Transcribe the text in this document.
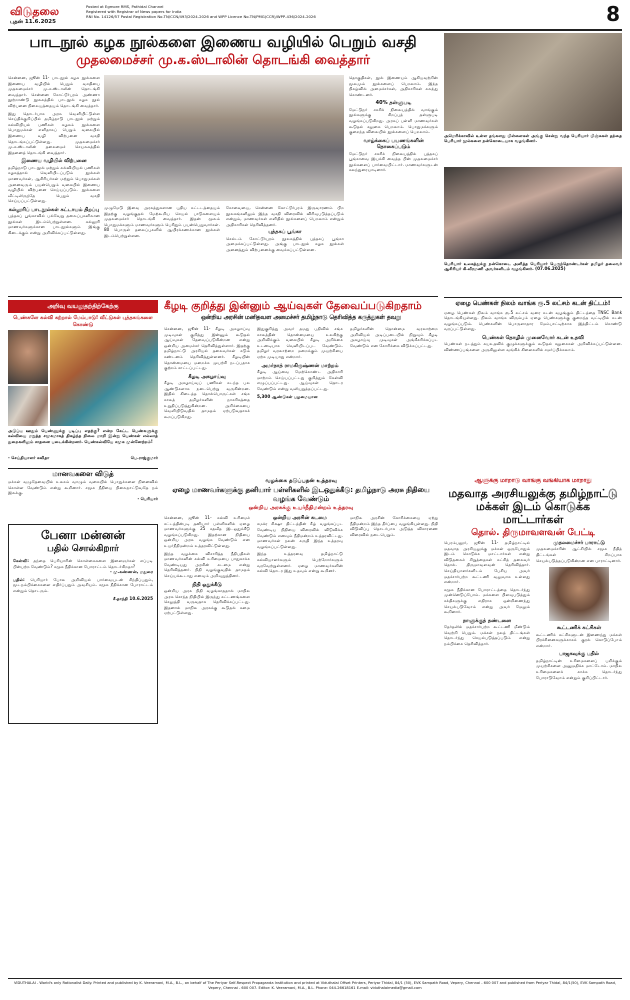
விடுதலை
புதன் 11.6.2025
Posted at Egmore RMS, Pathidal Channel
Registered with Registrar of News papers for India
RNI No. 14126/57 Postal Registration No.TN/CCN/493/2024-2026 and WPP Licence No.TN/PMG(CCR)/WPP-436/2024-2026	8
பாடநூல் கழக நூல்களை இணைய வழியில் பெறும் வசதி
முதலமைச்சர் மு.க.ஸ்டாலின் தொடங்கி வைத்தார்

சென்னை, ஜூன் 11- பாடநூல் கழக நூல்களை இணைய வழியில் பெறும் வசதியை முதலமைச்சர் மு.க.ஸ்டாலின் தொடங்கி வைத்தார். சென்னை கோட்டூர்புரம் அண்ணா நூற்றாண்டு நூலகத்தில் பாடநூல் கழக நூல் விற்பனை நிலையத்தையும் தொடங்கி வைத்தார்.

இது தொடர்பாக அரசு வெளியிட்டுள்ள செய்திக்குறிப்பில் தமிழ்நாடு பாடநூல் மற்றும் கல்வியியல் பணிகள் கழகம் நூல்களை பொதுமக்கள் எளிதாகப் பெறும் வகையில் இணைய வழி விற்பனை வசதி தொடங்கப்பட்டுள்ளது. முதலமைச்சர் மு.க.ஸ்டாலின் தலைமைச் செயலகத்தில் இதனைத் தொடங்கி வைத்தார்.

இணைய வழியில் விற்பனை

தமிழ்நாடு பாடநூல் மற்றும் கல்வியியல் பணிகள் கழகத்தால் வெளியிடப்படும் நூல்கள் மாணவர்கள், ஆசிரியர்கள் மற்றும் பொதுமக்கள் அனைவரும் பயன்பெறும் வகையில் இணைய வழியில் விற்பனை செய்யப்படும். நூல்களை வீட்டிலிருந்தே பெறும் வசதி செய்யப்பட்டுள்ளது.

கல்லூரிப் பாடநூல்கள் கட்டாயம் திறப்பு

புத்தகப் பூங்காவில் பல்வேறு தலைப்புகளிலான நூல்கள் இடம்பெற்றுள்ளன. கல்லூரி மாணவர்களுக்கான பாடநூல்களும் இங்கு கிடைக்கும் என்று அறிவிக்கப்பட்டுள்ளது.

முழுமேடு இவை அரசுத்துகளான புதிய கட்டடத்தையும் இதற்கு வழங்குதல் மேற்கூறிய செயல் பாடுகளையும் முதலமைச்சர் தொடங்கி வைத்தார். இதன் மூலம் பொதுமக்களும் மாணவர்களும் பெரிதும் பயன்பெறுவார்கள். 80 பொருள் தலைப்புகளில் ஆயிரக்கணக்கான நூல்கள் இடம்பெற்றுள்ளன.

கோவையை, சென்னை கோட்டூர்புரம் இருவாரணம் பிற நூலகங்களிலும் இந்த வசதி விரைவில் விரிவுபடுத்தப்படும் என்றும், மாணவர்கள் எளிதில் நூல்களைப் பெறலாம் என்றும் அதிகாரிகள் தெரிவித்தனர்.

புத்தகப் பூங்கா

செல்டம் கோட்டூர்புரம் நூலகத்தில் புத்தகப் பூங்கா அமைக்கப்பட்டுள்ளது. அங்கு பாடநூல் கழக நூல்கள் அனைத்தும் விற்பனைக்கு வைக்கப்பட்டுள்ளன.

தொகுதிகள், நூல் இணையம் ஆகியவற்றின் மூலமும் நூல்களைப் பெறலாம். இந்த நிகழ்வில் அமைச்சர்கள், அதிகாரிகள் கலந்து கொண்டனர்.

40% தள்ளுபடி

மேட்டுநர் சகரிக் நிலையத்தில் வாங்கும் நூல்களுக்கு சிறப்புத் தள்ளுபடி வழங்கப்படுகிறது. அரசுப் பள்ளி மாணவர்கள் கூடுதல் சலுகை பெறலாம். பொதுமக்களும் குறைந்த விலையில் நூல்களைப் பெறலாம்.

வாழ்க்கைப் பயணங்களின் தொகைப்படும்

மேட்டுநர் சகரிக் நிலையத்தில் புத்தகப் பூங்காவை இயக்கி வைத்த பின் முதலமைச்சர் நூல்களைப் பார்வையிட்டார். மாணவர்களுடன் கலந்துரையாடினார்.

அமெரிக்காவில் உள்ள தங்களது பிள்ளைகள் அங்கு சென்று வந்த பெரியார் பிஞ்சுகள் தந்தை பெரியார் நூல்களை நன்கொடையாக வழங்கினர்.

பெரியார் உலகத்துக்கு நன்கொடை அளித்த பெரியார் பெருந்தொண்டர்கள் தமிழர் தலைவர் ஆசிரியர் கி.வீரமணி அவர்களிடம் வழங்கினர். (07.06.2025)

அறிவு வயலுதற்திற்கேற்கு
பெண்களே கல்வி கற்றால் மேம்பாடு! வீட்டுகள் புத்தகங்களை கொண்டு

அடுப்பு ஊதும் பெண்ணுக்கு படிப்பு எதற்கு? என்ற கேட்ட பெண்களுக்கு கல்வியை மறுத்த சமூகமாகத் திகழ்ந்த நிலை மாறி இன்று பெண்கள் எல்லாத் துறைகளிலும் சாதனை படைக்கின்றனர். பெண்கல்வியே சமூக முன்னேற்றம்!

- செய்தியாளர் கவிதா	பெ.ராஜ்குமார்
மானவகளை விடுத்

மக்கள் வழுதேவையில் உலகம் வாழும் வகையில் பொதுக்களை நினைவில் கொள்ள வேண்டும் என்று கூறினார். சமூக நீதியை நிலைநாட்டுவதே நம் இலக்கு.

- பெரியார்
பேனா மன்னன்
பதில் சொல்கிறார்

கேள்வி: தந்தை பெரியாரின் கொள்கைகளை இளைஞர்கள் எப்படி பின்பற்ற வேண்டும்? சமூக நீதிக்கான போராட்டம் தொடர்கிறதா?

- மு.கண்ணன், மதுரை

பதில்: பெரியார் போல அறிவியல் பார்வையுடன் சிந்திப்பதும், மூடநம்பிக்கைகளை எதிர்ப்பதும் அவசியம். சமூக நீதிக்கான போராட்டம் என்றும் தொடரும்.

சீ.தாந்தி 10.6.2025

கீழடி குறித்து இன்னும் ஆய்வுகள் தேவைப்படுகிறதாம்
ஒன்றிய அரசின் மனிதவள அமைச்சர் தமிழ்நாடு தெரிவித்த கருத்துகள் தவறு

சென்னை, ஜூன் 11- கீழடி அகழாய்வு முடிவுகள் குறித்து இன்னும் கூடுதல் ஆய்வுகள் தேவைப்படுகின்றன என்று ஒன்றிய அமைச்சர் தெரிவித்துள்ளார். இதற்கு தமிழ்நாட்டு அரசியல் தலைவர்கள் கடும் கண்டனம் தெரிவித்துள்ளனர். கீழடியின் தொன்மையை மறைக்க முயற்சி நடப்பதாக குற்றம் சாட்டப்பட்டது.

கீழடி அகழாய்வு

கீழடி அகழாய்வுப் பணிகள் கடந்த பல ஆண்டுகளாக நடைபெற்று வருகின்றன. இதில் கிடைத்த தொல்பொருட்கள் சங்க காலத் தமிழர்களின் நாகரிகத்தை உறுதிப்படுத்துகின்றன. அறிக்கையை வெளியிடுவதில் தாமதம் ஏற்படுவதாகக் கூறப்படுகிறது.

இதுகுறித்து அவர் தமது பதிவில் சங்க காலத்தின் தொன்மையை உலகிற்கு அறிவிக்கும் வகையில் கீழடி அறிக்கை உடனடியாக வெளியிடப்பட வேண்டும். தமிழர் வரலாற்றை மறைக்கும் முயற்சியை ஏற்க முடியாது என்றார்.

அமர்நாத் ராமகிருஷ்ணன் மாற்றம்

கீழடி ஆய்வை மேற்கொண்ட அதிகாரி மாற்றம் செய்யப்பட்டது குறித்தும் கேள்வி எழுப்பப்பட்டது. ஆய்வுகள் தொடர வேண்டும் என்று வலியுறுத்தப்பட்டது.

5,300 ஆண்டுகள் பழமையான

தமிழர்களின் தொன்மை வரலாற்றை அறிவியல் அடிப்படையில் நிறுவும் கீழடி அகழாய்வு முடிவுகள் அங்கீகரிக்கப்பட வேண்டும் என கோரிக்கை விடுக்கப்பட்டது.

வழக்கை தடுப்பதன் உத்தரவு
ஏழை மாணவர்களுக்கு தனியார் பள்ளிகளில் இடஒதுக்கீடு: தமிழ்நாடு அரசு நிதியை வழங்க வேண்டும்
ஒன்றிய அரசுக்கு உயர்நீதிமன்றம் உத்தரவு

சென்னை, ஜூன் 11- கல்வி உரிமைச் சட்டத்தின்படி தனியார் பள்ளிகளில் ஏழை மாணவர்களுக்கு 25 சதவீத இடஒதுக்கீடு வழங்கப்படுகிறது. இதற்கான நிதியை ஒன்றிய அரசு வழங்க வேண்டும் என உயர்நீதிமன்றம் உத்தரவிட்டுள்ளது.

இந்த வழக்கை விசாரித்த நீதிபதிகள் மாணவர்களின் கல்வி உரிமையை பாதுகாக்க வேண்டியது அரசின் கடமை என்று தெரிவித்தனர். நிதி வழங்குவதில் தாமதம் செய்யக்கூடாது எனவும் அறிவுறுத்தினர்.

நிதி ஒதுக்கீடு

ஒன்றிய அரசு நிதி வழங்காததால் மாநில அரசு சொந்த நிதியில் இருந்து கட்டணங்களை செலுத்தி வருவதாக தெரிவிக்கப்பட்டது. இதனால் மாநில அரசுக்கு கூடுதல் சுமை ஏற்பட்டுள்ளது.

ஒன்றிய அரசின் கடமை

சமக்ர சிக்ஷா திட்டத்தின் கீழ் வழங்கப்பட வேண்டிய நிதியை விரைவில் விடுவிக்க வேண்டும் எனவும் நீதிமன்றம் உத்தரவிட்டது. மாணவர்கள் நலன் கருதி இந்த உத்தரவு வழங்கப்பட்டுள்ளது.

இந்த உத்தரவை தமிழ்நாட்டு கல்வியாளர்களும் பெற்றோர்களும் வரவேற்றுள்ளனர். ஏழை மாணவர்களின் கல்வி தொடர இது உதவும் என்று கூறினர்.

மாநில அரசின் கோரிக்கையை ஏற்று நீதிமன்றம் இந்த தீர்ப்பை வழங்கியுள்ளது. நிதி விடுவிப்பு தொடர்பாக அடுத்த விசாரணை விரைவில் நடைபெறும்.

ஏழை பெண்கள் நிலம் வாங்க ரூ.5 லட்சம் கடன் திட்டம்!

ஏழை பெண்கள் நிலம் வாங்க ரூ.5 லட்சம் வரை கடன் வழங்கும் திட்டத்தை TNSC Bank தொடங்கியுள்ளது. நிலம் வாங்க விரும்பும் ஏழை பெண்களுக்கு குறைந்த வட்டியில் கடன் வழங்கப்படும். பெண்களின் பொருளாதார மேம்பாட்டிற்காக இத்திட்டம் கொண்டு வரப்பட்டுள்ளது.

பெண்கள் தொழில் முனைவோர் கடன் உதவி

பெண்கள் நடத்தும் சுயஉதவிக் குழுக்களுக்கும் கூடுதல் சலுகைகள் அறிவிக்கப்பட்டுள்ளன. விண்ணப்பங்களை அருகிலுள்ள வங்கிக் கிளைகளில் சமர்ப்பிக்கலாம்.

ஆளுக்கு மாறாடு வாங்கு வங்கியாக மாறாது
மதவாத அரசியலுக்கு தமிழ்நாட்டு மக்கள் இடம் கொடுக்க மாட்டார்கள்
தொல். திருமாவளவன் பேட்டி

பெரம்பலூர், ஜூன் 11- தமிழ்நாட்டில் மதவாத அரசியலுக்கு மக்கள் ஒருபோதும் இடம் கொடுக்க மாட்டார்கள் என்று விடுதலைச் சிறுத்தைகள் கட்சித் தலைவர் தொல். திருமாவளவன் தெரிவித்தார். செய்தியாளர்களிடம் பேசிய அவர் மதச்சார்பற்ற கூட்டணி வலுவாக உள்ளது என்றார்.

சமூக நீதிக்கான போராட்டத்தை தொடர்ந்து முன்னெடுப்போம். மக்களை பிளவுபடுத்தும் சக்திகளுக்கு எதிராக ஒன்றிணைந்து செயல்படுவோம் என்று அவர் மேலும் கூறினார்.

நாளுக்குத் தண்டனை

தேர்தலில் மதச்சார்பற்ற கூட்டணி மீண்டும் வெற்றி பெறும். மக்கள் நலத் திட்டங்கள் தொடர்ந்து செயல்படுத்தப்படும் என்று நம்பிக்கை தெரிவித்தார்.

முதலமைச்சர் பாராட்டு

முதலமைச்சரின் ஆட்சியில் சமூக நீதித் திட்டங்கள் சிறப்பாக செயல்படுத்தப்படுகின்றன என பாராட்டினார்.

கூட்டணிக் கட்சிகள்

கூட்டணிக் கட்சிகளுடன் இணைந்து மக்கள் பிரச்சினைகளுக்காகக் குரல் கொடுப்போம் என்றார்.

பாஜகவுக்கு பதில்

தமிழ்நாட்டின் உரிமைகளைப் பறிக்கும் முயற்சிகளை அனுமதிக்க மாட்டோம். மாநில உரிமைகளைக் காக்க தொடர்ந்து போராடுவோம் என்றும் குறிப்பிட்டார்.

VIDUTHALAI - World's only Rationalist Daily. Printed and published by K. Veeramani, M.A., B.L., on behalf of The Periyar Self-Respect Propaganda Institution and printed at Viduthalai Offset Printers, Periyar Thidal, 84/1 (50), EVK Sampath Road, Vepery, Chennai - 600 007 and published from Periyar Thidal, 84/1(50), EVK Sampath Road, Vepery, Chennai - 600 007. Editor: K. Veeramani, M.A., B.L. Phone: 044-26618161 E-mail: viduthalaimedia@gmail.com
